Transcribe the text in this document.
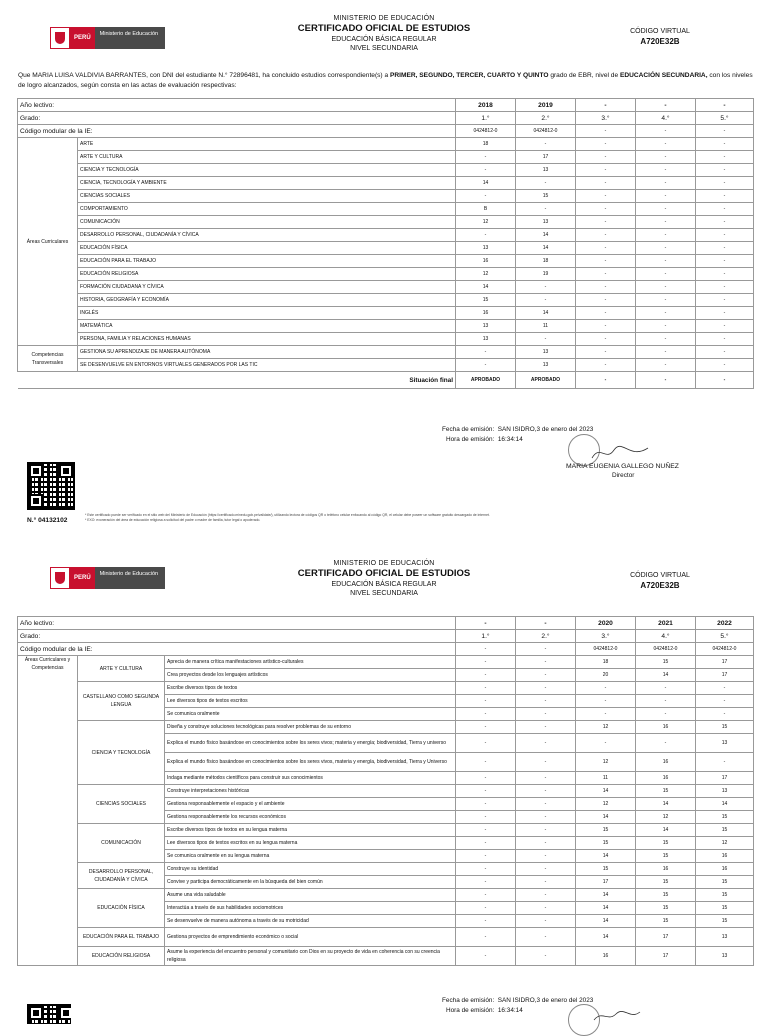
PERÚ
Ministerio de Educación
MINISTERIO DE EDUCACIÓN
CERTIFICADO OFICIAL DE ESTUDIOS
EDUCACIÓN BÁSICA REGULAR
NIVEL SECUNDARIA
CÓDIGO VIRTUAL
A720E32B
Que MARIA LUISA VALDIVIA BARRANTES, con DNI del estudiante N.° 72896481, ha concluido estudios correspondiente(s) a PRIMER, SEGUNDO, TERCER, CUARTO Y QUINTO grado de EBR, nivel de EDUCACIÓN SECUNDARIA, con los niveles de logro alcanzados, según consta en las actas de evaluación respectivas:
Año lectivo:		2018	2019	-	-	-
Grado:		1.°	2.°	3.°	4.°	5.°
Código modular de la IE:		0424812-0	0424812-0	-	-	-
Áreas Curriculares	ARTE	18	-	-	-	-
	ARTE Y CULTURA	-	17	-	-	-
	CIENCIA Y TECNOLOGÍA	-	13	-	-	-
	CIENCIA, TECNOLOGÍA Y AMBIENTE	14	-	-	-	-
	CIENCIAS SOCIALES	-	15	-	-	-
	COMPORTAMIENTO	B	-	-	-	-
	COMUNICACIÓN	12	13	-	-	-
	DESARROLLO PERSONAL, CIUDADANÍA Y CÍVICA	-	14	-	-	-
	EDUCACIÓN FÍSICA	13	14	-	-	-
	EDUCACIÓN PARA EL TRABAJO	16	18	-	-	-
	EDUCACIÓN RELIGIOSA	12	19	-	-	-
	FORMACIÓN CIUDADANA Y CÍVICA	14	-	-	-	-
	HISTORIA, GEOGRAFÍA Y ECONOMÍA	15	-	-	-	-
	INGLÉS	16	14	-	-	-
	MATEMÁTICA	13	11	-	-	-
	PERSONA, FAMILIA Y RELACIONES HUMANAS	13	-	-	-	-
Competencias Transversales	GESTIONA SU APRENDIZAJE DE MANERA AUTÓNOMA	-	13	-	-	-
	SE DESENVUELVE EN ENTORNOS VIRTUALES GENERADOS POR LAS TIC	-	13	-	-	-
Situación final		APROBADO	APROBADO	-	-	-
Fecha de emisión: SAN ISIDRO,3 de enero del 2023
Hora de emisión: 16:34:14
MARIA EUGENIA GALLEGO NUÑEZ
Director
N.° 04132102
* Este certificado puede ser verificado en el sitio web del Ministerio de Educación (https://certificado.minedu.gob.pe/validate/), utilizando lectora de códigos QR o teléfono celular enfocando al código QR, el celular debe poseer un software gratuito descargado de internet.
* EXO: exoneración del área de educación religiosa a solicitud del padre o madre de familia, tutor legal o apoderado.
PERÚ
Ministerio de Educación
MINISTERIO DE EDUCACIÓN
CERTIFICADO OFICIAL DE ESTUDIOS
EDUCACIÓN BÁSICA REGULAR
NIVEL SECUNDARIA
CÓDIGO VIRTUAL
A720E32B
Año lectivo:			-	-	2020	2021	2022
Grado:			1.°	2.°	3.°	4.°	5.°
Código modular de la IE:			-	-	0424812-0	0424812-0	0424812-0
Áreas Curriculares y Competencias	ARTE Y CULTURA	Aprecia de manera crítica manifestaciones artístico-culturales	-	-	18	15	17
		Crea proyectos desde los lenguajes artísticos	-	-	20	14	17
	CASTELLANO COMO SEGUNDA LENGUA	Escribe diversos tipos de textos	-	-	-	-	-
		Lee diversos tipos de textos escritos	-	-	-	-	-
		Se comunica oralmente	-	-	-	-	-
	CIENCIA Y TECNOLOGÍA	Diseña y construye soluciones tecnológicas para resolver problemas de su entorno	-	-	12	16	15
		Explica el mundo físico basándose en conocimientos sobre los seres vivos; materia y energía; biodiversidad, Tierra y universo	-	-	-	-	13
		Explica el mundo físico basándose en conocimientos sobre los seres vivos, materia y energía, biodiversidad, Tierra y Universo	-	-	12	16	-
		Indaga mediante métodos científicos para construir sus conocimientos	-	-	11	16	17
	CIENCIAS SOCIALES	Construye interpretaciones históricas	-	-	14	15	13
		Gestiona responsablemente el espacio y el ambiente	-	-	12	14	14
		Gestiona responsablemente los recursos económicos	-	-	14	12	15
	COMUNICACIÓN	Escribe diversos tipos de textos en su lengua materna	-	-	15	14	15
		Lee diversos tipos de textos escritos en su lengua materna	-	-	15	15	12
		Se comunica oralmente en su lengua materna	-	-	14	15	16
	DESARROLLO PERSONAL, CIUDADANÍA Y CÍVICA	Construye su identidad	-	-	15	16	16
		Convive y participa democráticamente en la búsqueda del bien común	-	-	17	15	15
	EDUCACIÓN FÍSICA	Asume una vida saludable	-	-	14	15	15
		Interactúa a través de sus habilidades sociomotrices	-	-	14	15	15
		Se desenvuelve de manera autónoma a través de su motricidad	-	-	14	15	15
	EDUCACIÓN PARA EL TRABAJO	Gestiona proyectos de emprendimiento económico o social	-	-	14	17	13
	EDUCACIÓN RELIGIOSA	Asume la experiencia del encuentro personal y comunitario con Dios en su proyecto de vida en coherencia con su creencia religiosa	-	-	16	17	13
Fecha de emisión: SAN ISIDRO,3 de enero del 2023
Hora de emisión: 16:34:14
